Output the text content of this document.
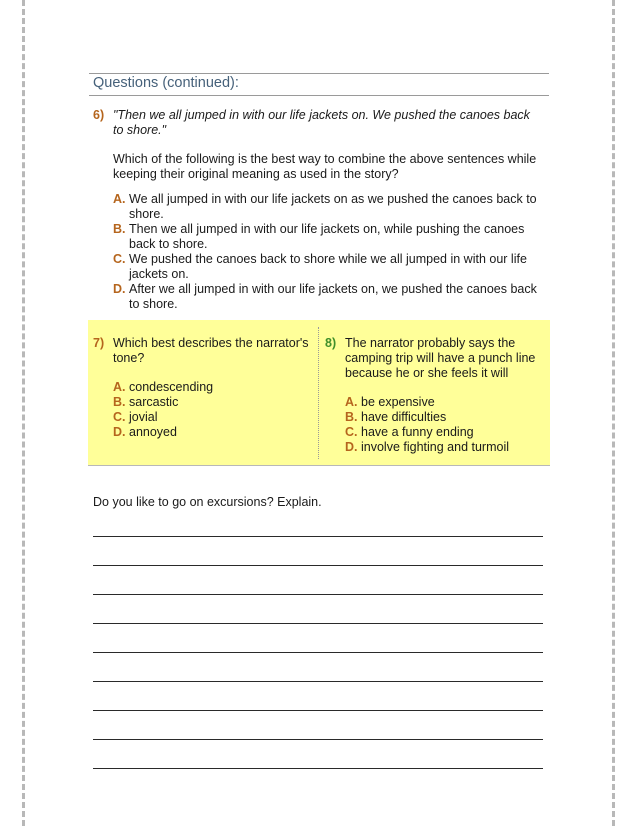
Questions (continued):
6) "Then we all jumped in with our life jackets on. We pushed the canoes back to shore."
Which of the following is the best way to combine the above sentences while keeping their original meaning as used in the story?
A. We all jumped in with our life jackets on as we pushed the canoes back to shore.
B. Then we all jumped in with our life jackets on, while pushing the canoes back to shore.
C. We pushed the canoes back to shore while we all jumped in with our life jackets on.
D. After we all jumped in with our life jackets on, we pushed the canoes back to shore.
7) Which best describes the narrator's tone?
A. condescending
B. sarcastic
C. jovial
D. annoyed
8) The narrator probably says the camping trip will have a punch line because he or she feels it will
A. be expensive
B. have difficulties
C. have a funny ending
D. involve fighting and turmoil
Do you like to go on excursions? Explain.
